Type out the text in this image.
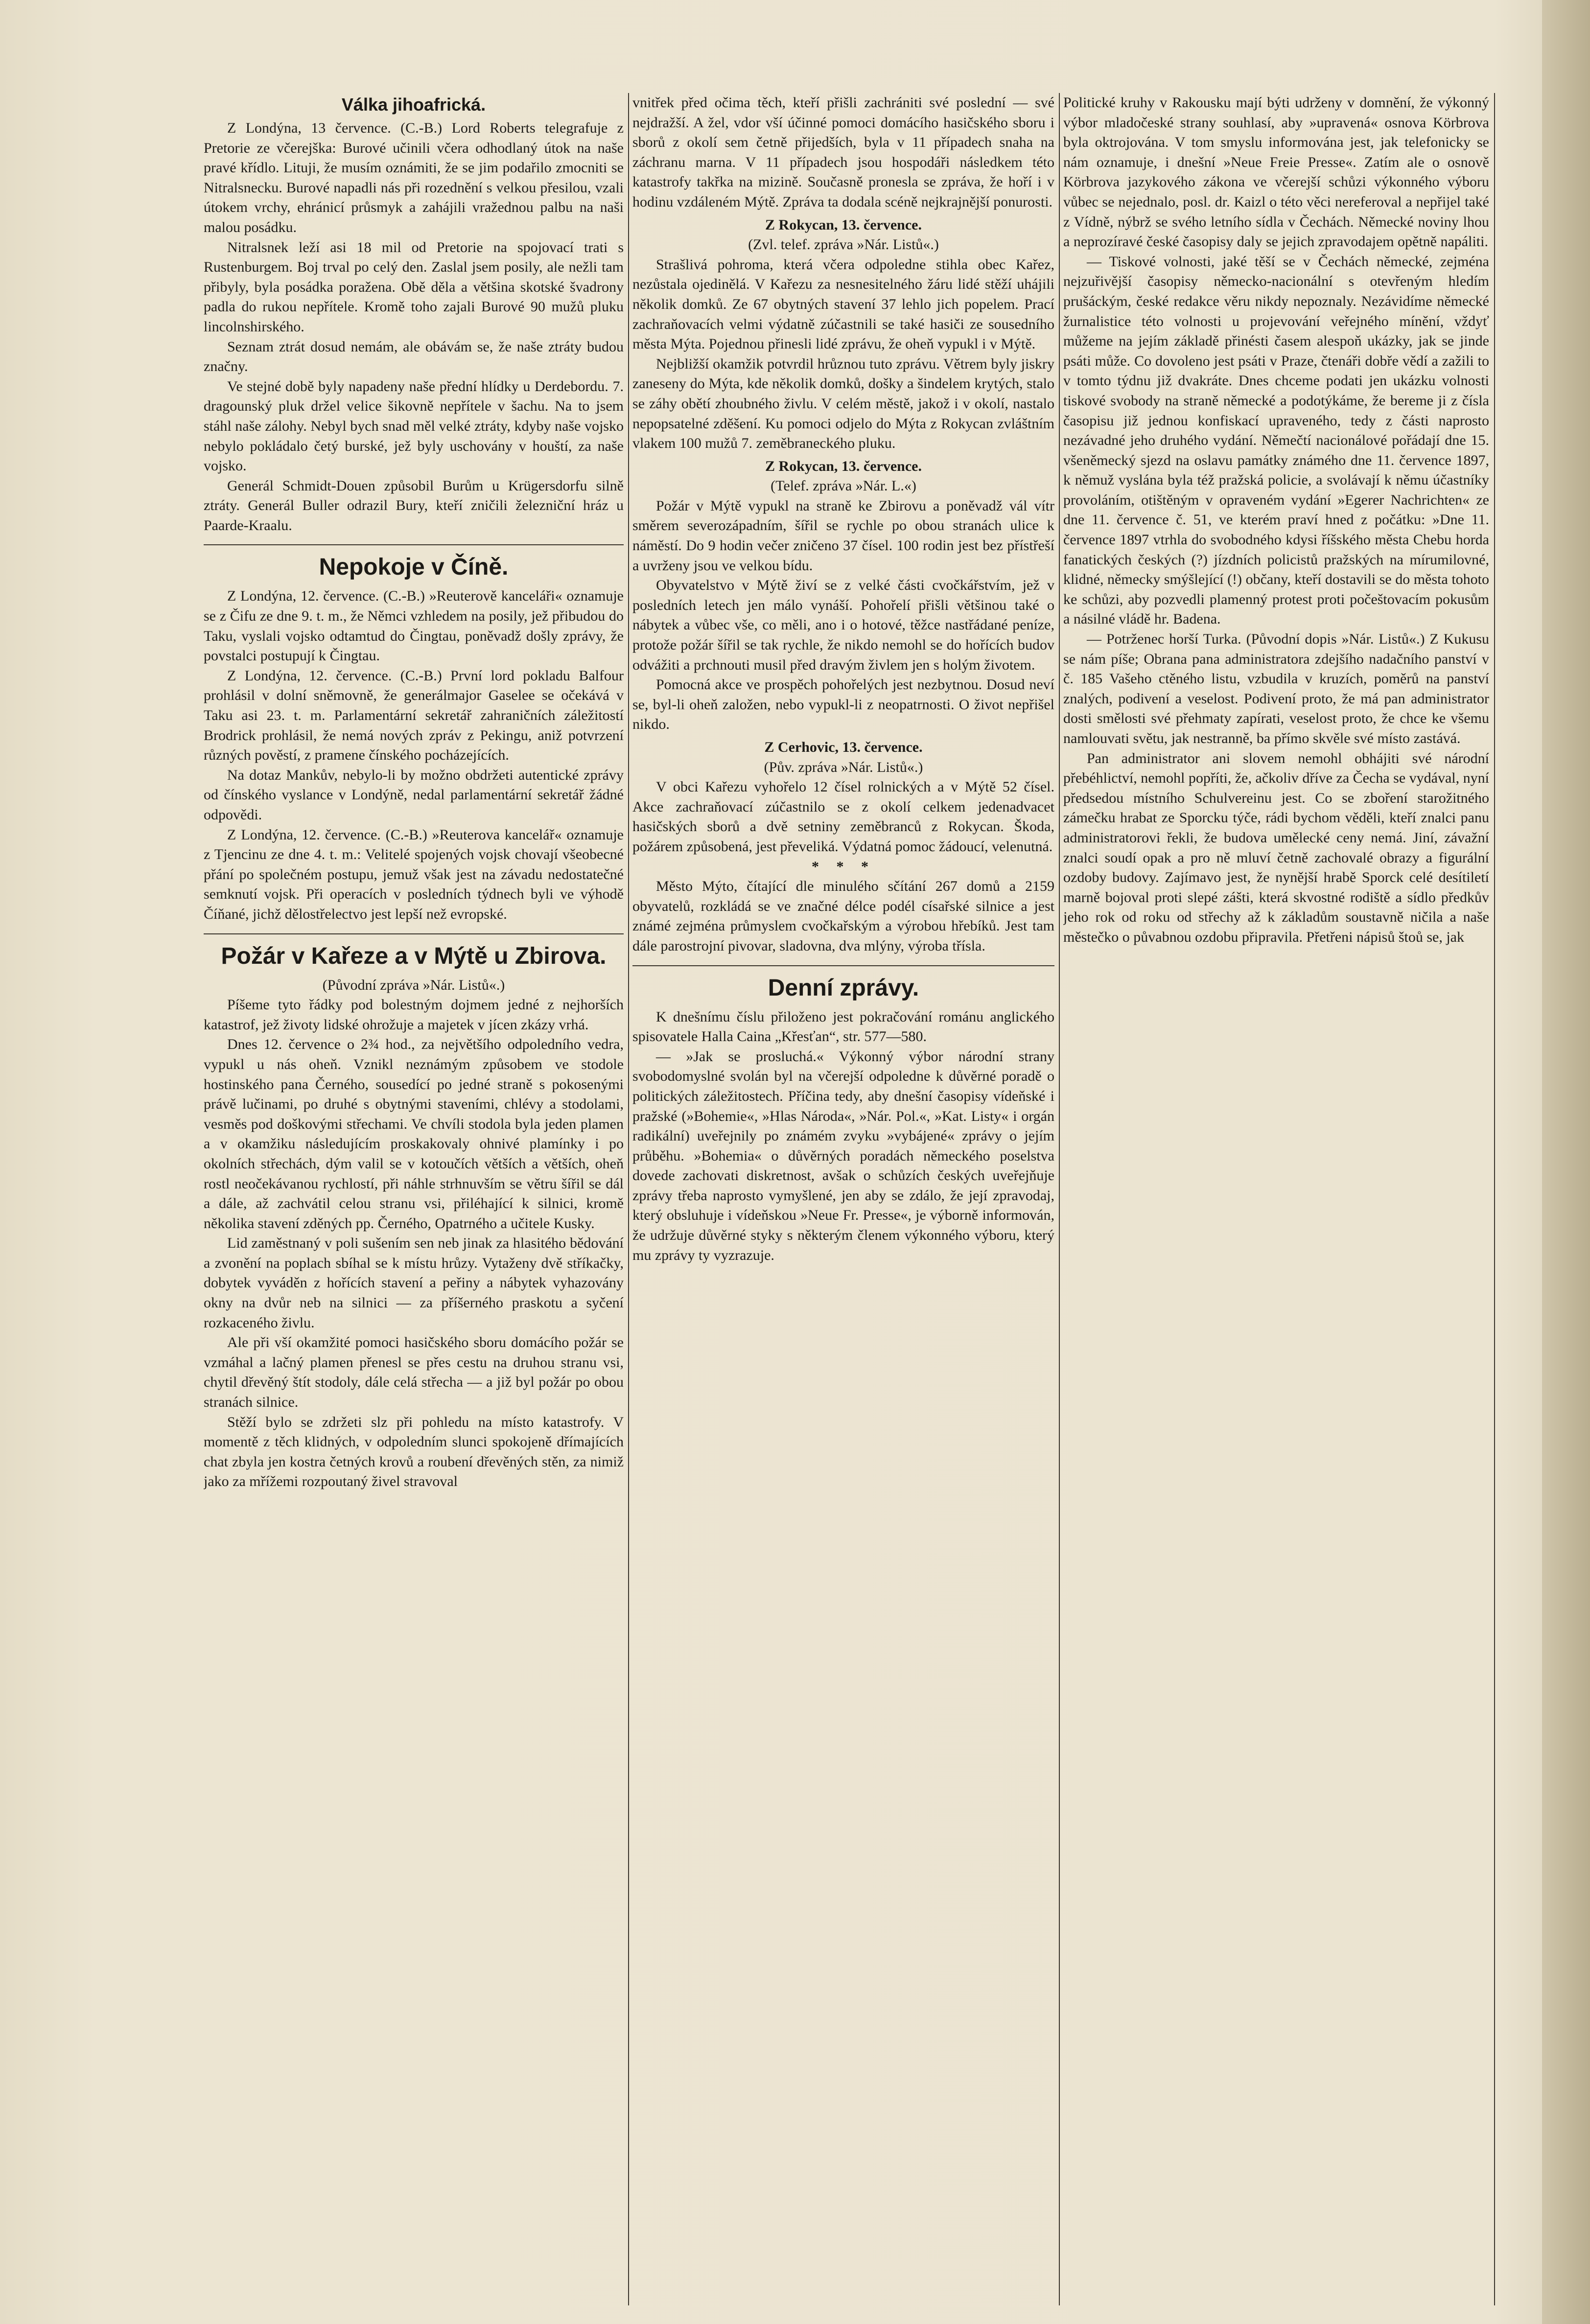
Válka jihoafrická.

Z Londýna, 13 července. (C.-B.) Lord Roberts telegrafuje z Pretorie ze včerejška: Burové učinili včera odhodlaný útok na naše pravé křídlo. Lituji, že musím oznámiti, že se jim podařilo zmocniti se Nitralsnecku. Burové napadli nás při rozednění s velkou přesilou, vzali útokem vrchy, ehránicí průsmyk a zahájili vražednou palbu na naši malou posádku.

Nitralsnek leží asi 18 mil od Pretorie na spojovací trati s Rustenburgem. Boj trval po celý den. Zaslal jsem posily, ale nežli tam přibyly, byla posádka poražena. Obě děla a většina skotské švadrony padla do rukou nepřítele. Kromě toho zajali Burové 90 mužů pluku lincolnshirského.

Seznam ztrát dosud nemám, ale obávám se, že naše ztráty budou značny.

Ve stejné době byly napadeny naše přední hlídky u Derdebordu. 7. dragounský pluk držel velice šikovně nepřítele v šachu. Na to jsem stáhl naše zálohy. Nebyl bych snad měl velké ztráty, kdyby naše vojsko nebylo pokládalo četý burské, jež byly uschovány v houští, za naše vojsko.

Generál Schmidt-Douen způsobil Burům u Krügersdorfu silně ztráty. Generál Buller odrazil Bury, kteří zničili železniční hráz u Paarde-Kraalu.

Nepokoje v Číně.

Z Londýna, 12. července. (C.-B.) »Reuterově kanceláři« oznamuje se z Čifu ze dne 9. t. m., že Němci vzhledem na posily, jež přibudou do Taku, vyslali vojsko odtamtud do Čingtau, poněvadž došly zprávy, že povstalci postupují k Čingtau.

Z Londýna, 12. července. (C.-B.) První lord pokladu Balfour prohlásil v dolní sněmovně, že generálmajor Gaselee se očekává v Taku asi 23. t. m. Parlamentární sekretář zahraničních záležitostí Brodrick prohlásil, že nemá nových zpráv z Pekingu, aniž potvrzení různých pověstí, z pramene čínského pocházejících.

Na dotaz Mankův, nebylo-li by možno obdržeti autentické zprávy od čínského vyslance v Londýně, nedal parlamentární sekretář žádné odpovědi.

Z Londýna, 12. července. (C.-B.) »Reuterova kancelář« oznamuje z Tjencinu ze dne 4. t. m.: Velitelé spojených vojsk chovají všeobecné přání po společném postupu, jemuž však jest na závadu nedostatečné semknutí vojsk. Při operacích v posledních týdnech byli ve výhodě Číňané, jichž dělostřelectvo jest lepší než evropské.

Požár v Kařeze a v Mýtě u Zbirova.

(Původní zpráva »Nár. Listů«.)

Píšeme tyto řádky pod bolestným dojmem jedné z nejhorších katastrof, jež životy lidské ohrožuje a majetek v jícen zkázy vrhá.

Dnes 12. července o 2¾ hod., za největšího odpoledního vedra, vypukl u nás oheň. Vznikl neznámým způsobem ve stodole hostinského pana Černého, sousedící po jedné straně s pokosenými právě lučinami, po druhé s obytnými staveními, chlévy a stodolami, vesměs pod doškovými střechami. Ve chvíli stodola byla jeden plamen a v okamžiku následujícím proskakovaly ohnivé plamínky i po okolních střechách, dým valil se v kotoučích větších a větších, oheň rostl neočekávanou rychlostí, při náhle strhnuvším se větru šířil se dál a dále, až zachvátil celou stranu vsi, přiléhající k silnici, kromě několika stavení zděných pp. Černého, Opatrného a učitele Kusky.

Lid zaměstnaný v poli sušením sen neb jinak za hlasitého bědování a zvonění na poplach sbíhal se k místu hrůzy. Vytaženy dvě stříkačky, dobytek vyváděn z hořících stavení a peřiny a nábytek vyhazovány okny na dvůr neb na silnici — za příšerného praskotu a syčení rozkaceného živlu.

Ale při vší okamžité pomoci hasičského sboru domácího požár se vzmáhal a lačný plamen přenesl se přes cestu na druhou stranu vsi, chytil dřevěný štít stodoly, dále celá střecha — a již byl požár po obou stranách silnice.

Stěží bylo se zdržeti slz při pohledu na místo katastrofy. V momentě z těch klidných, v odpoledním slunci spokojeně dřímajících chat zbyla jen kostra četných krovů a roubení dřevěných stěn, za nimiž jako za mřížemi rozpoutaný živel stravoval

vnitřek před očima těch, kteří přišli zachrániti své poslední — své nejdražší. A žel, vdor vší účinné pomoci domácího hasičského sboru i sborů z okolí sem četně přijedších, byla v 11 případech snaha na záchranu marna. V 11 případech jsou hospodáři následkem této katastrofy takřka na mizině. Současně pronesla se zpráva, že hoří i v hodinu vzdáleném Mýtě. Zpráva ta dodala scéně nejkrajnější ponurosti.

Z Rokycan, 13. července.

(Zvl. telef. zpráva »Nár. Listů«.)

Strašlivá pohroma, která včera odpoledne stihla obec Kařez, nezůstala ojedinělá. V Kařezu za nesnesitelného žáru lidé stěží uhájili několik domků. Ze 67 obytných stavení 37 lehlo jich popelem. Prací zachraňovacích velmi výdatně zúčastnili se také hasiči ze sousedního města Mýta. Pojednou přinesli lidé zprávu, že oheň vypukl i v Mýtě.

Nejbližší okamžik potvrdil hrůznou tuto zprávu. Větrem byly jiskry zaneseny do Mýta, kde několik domků, došky a šindelem krytých, stalo se záhy obětí zhoubného živlu. V celém městě, jakož i v okolí, nastalo nepopsatelné zděšení. Ku pomoci odjelo do Mýta z Rokycan zvláštním vlakem 100 mužů 7. zeměbraneckého pluku.

Z Rokycan, 13. července.

(Telef. zpráva »Nár. L.«)

Požár v Mýtě vypukl na straně ke Zbirovu a poněvadž vál vítr směrem severozápadním, šířil se rychle po obou stranách ulice k náměstí. Do 9 hodin večer zničeno 37 čísel. 100 rodin jest bez přístřeší a uvrženy jsou ve velkou bídu.

Obyvatelstvo v Mýtě živí se z velké části cvočkářstvím, jež v posledních letech jen málo vynáší. Pohořelí přišli většinou také o nábytek a vůbec vše, co měli, ano i o hotové, těžce nastřádané peníze, protože požár šířil se tak rychle, že nikdo nemohl se do hořících budov odvážiti a prchnouti musil před dravým živlem jen s holým životem.

Pomocná akce ve prospěch pohořelých jest nezbytnou. Dosud neví se, byl-li oheň založen, nebo vypukl-li z neopatrnosti. O život nepřišel nikdo.

Z Cerhovic, 13. července.

(Pův. zpráva »Nár. Listů«.)

V obci Kařezu vyhořelo 12 čísel rolnických a v Mýtě 52 čísel. Akce zachraňovací zúčastnilo se z okolí celkem jedenadvacet hasičských sborů a dvě setniny zeměbranců z Rokycan. Škoda, požárem způsobená, jest převeliká. Výdatná pomoc žádoucí, velenutná.

* * *

Město Mýto, čítající dle minulého sčítání 267 domů a 2159 obyvatelů, rozkládá se ve značné délce podél císařské silnice a jest známé zejména průmyslem cvočkařským a výrobou hřebíků. Jest tam dále parostrojní pivovar, sladovna, dva mlýny, výroba třísla.

Denní zprávy.

K dnešnímu číslu přiloženo jest pokračování románu anglického spisovatele Halla Caina „Křesťan“, str. 577—580.

— »Jak se prosluchá.« Výkonný výbor národní strany svobodomyslné svolán byl na včerejší odpoledne k důvěrné poradě o politických záležitostech. Příčina tedy, aby dnešní časopisy vídeňské i pražské (»Bohemie«, »Hlas Národa«, »Nár. Pol.«, »Kat. Listy« i orgán radikální) uveřejnily po známém zvyku »vybájené« zprávy o jejím průběhu. »Bohemia« o důvěrných poradách německého poselstva dovede zachovati diskretnost, avšak o schůzích českých uveřejňuje zprávy třeba naprosto vymyšlené, jen aby se zdálo, že její zpravodaj, který obsluhuje i vídeňskou »Neue Fr. Presse«, je výborně informován, že udržuje důvěrné styky s některým členem výkonného výboru, který mu zprávy ty vyzrazuje.

Politické kruhy v Rakousku mají býti udrženy v domnění, že výkonný výbor mladočeské strany souhlasí, aby »upravená« osnova Körbrova byla oktrojována. V tom smyslu informována jest, jak telefonicky se nám oznamuje, i dnešní »Neue Freie Presse«. Zatím ale o osnově Körbrova jazykového zákona ve včerejší schůzi výkonného výboru vůbec se nejednalo, posl. dr. Kaizl o této věci nereferoval a nepřijel také z Vídně, nýbrž se svého letního sídla v Čechách. Německé noviny lhou a neprozíravé české časopisy daly se jejich zpravodajem opětně napáliti.

— Tiskové volnosti, jaké těší se v Čechách německé, zejména nejzuřivější časopisy německo-nacionální s otevřeným hledím prušáckým, české redakce věru nikdy nepoznaly. Nezávidíme německé žurnalistice této volnosti u projevování veřejného mínění, vždyť můžeme na jejím základě přinésti časem alespoň ukázky, jak se jinde psáti může. Co dovoleno jest psáti v Praze, čtenáři dobře vědí a zažili to v tomto týdnu již dvakráte. Dnes chceme podati jen ukázku volnosti tiskové svobody na straně německé a podotýkáme, že bereme ji z čísla časopisu již jednou konfiskací upraveného, tedy z části naprosto nezávadné jeho druhého vydání. Němečtí nacionálové pořádají dne 15. všeněmecký sjezd na oslavu památky známého dne 11. července 1897, k němuž vyslána byla též pražská policie, a svolávají k němu účastníky provoláním, otištěným v opraveném vydání »Egerer Nachrichten« ze dne 11. července č. 51, ve kterém praví hned z počátku: »Dne 11. července 1897 vtrhla do svobodného kdysi říšského města Chebu horda fanatických českých (?) jízdních policistů pražských na mírumilovné, klidné, německy smýšlející (!) občany, kteří dostavili se do města tohoto ke schůzi, aby pozvedli plamenný protest proti počeštovacím pokusům a násilné vládě hr. Badena.

— Potrženec horší Turka. (Původní dopis »Nár. Listů«.) Z Kukusu se nám píše; Obrana pana administratora zdejšího nadačního panství v č. 185 Vašeho ctěného listu, vzbudila v kruzích, poměrů na panství znalých, podivení a veselost. Podivení proto, že má pan administrator dosti smělosti své přehmaty zapírati, veselost proto, že chce ke všemu namlouvati světu, jak nestranně, ba přímo skvěle své místo zastává.

Pan administrator ani slovem nemohl obhájiti své národní přebéhlictví, nemohl popříti, že, ačkoliv dříve za Čecha se vydával, nyní předsedou místního Schulvereinu jest. Co se zboření starožitného zámečku hrabat ze Sporcku týče, rádi bychom věděli, kteří znalci panu administratorovi řekli, že budova umělecké ceny nemá. Jiní, závažní znalci soudí opak a pro ně mluví četně zachovalé obrazy a figurální ozdoby budovy. Zajímavo jest, že nynější hrabě Sporck celé desítiletí marně bojoval proti slepé zášti, která skvostné rodiště a sídlo předkův jeho rok od roku od střechy až k základům soustavně ničila a naše městečko o půvabnou ozdobu připravila. Přetřeni nápisů štoů se, jak
